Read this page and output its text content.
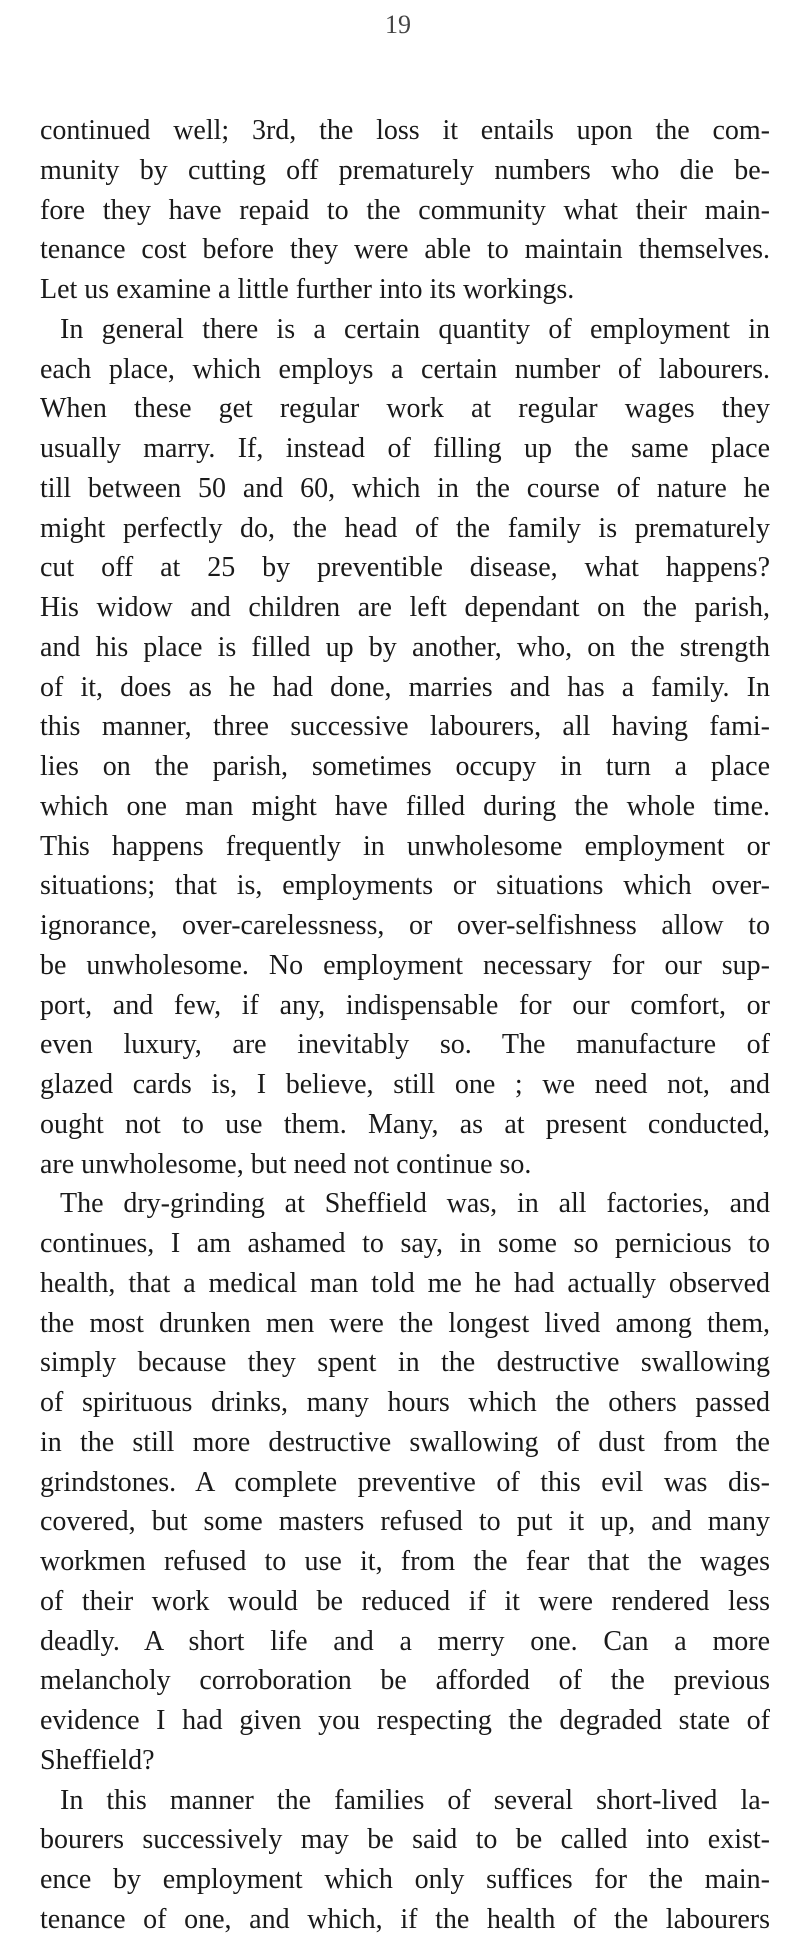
19
continued well; 3rd, the loss it entails upon the com-
munity by cutting off prematurely numbers who die be-
fore they have repaid to the community what their main-
tenance cost before they were able to maintain themselves.
Let us examine a little further into its workings.
In general there is a certain quantity of employment in
each place, which employs a certain number of labourers.
When these get regular work at regular wages they
usually marry. If, instead of filling up the same place
till between 50 and 60, which in the course of nature he
might perfectly do, the head of the family is prematurely
cut off at 25 by preventible disease, what happens?
His widow and children are left dependant on the parish,
and his place is filled up by another, who, on the strength
of it, does as he had done, marries and has a family. In
this manner, three successive labourers, all having fami-
lies on the parish, sometimes occupy in turn a place
which one man might have filled during the whole time.
This happens frequently in unwholesome employment or
situations; that is, employments or situations which over-
ignorance, over-carelessness, or over-selfishness allow to
be unwholesome. No employment necessary for our sup-
port, and few, if any, indispensable for our comfort, or
even luxury, are inevitably so. The manufacture of
glazed cards is, I believe, still one ; we need not, and
ought not to use them. Many, as at present conducted,
are unwholesome, but need not continue so.
The dry-grinding at Sheffield was, in all factories, and
continues, I am ashamed to say, in some so pernicious to
health, that a medical man told me he had actually observed
the most drunken men were the longest lived among them,
simply because they spent in the destructive swallowing
of spirituous drinks, many hours which the others passed
in the still more destructive swallowing of dust from the
grindstones. A complete preventive of this evil was dis-
covered, but some masters refused to put it up, and many
workmen refused to use it, from the fear that the wages
of their work would be reduced if it were rendered less
deadly. A short life and a merry one. Can a more
melancholy corroboration be afforded of the previous
evidence I had given you respecting the degraded state of
Sheffield?
In this manner the families of several short-lived la-
bourers successively may be said to be called into exist-
ence by employment which only suffices for the main-
tenance of one, and which, if the health of the labourers
